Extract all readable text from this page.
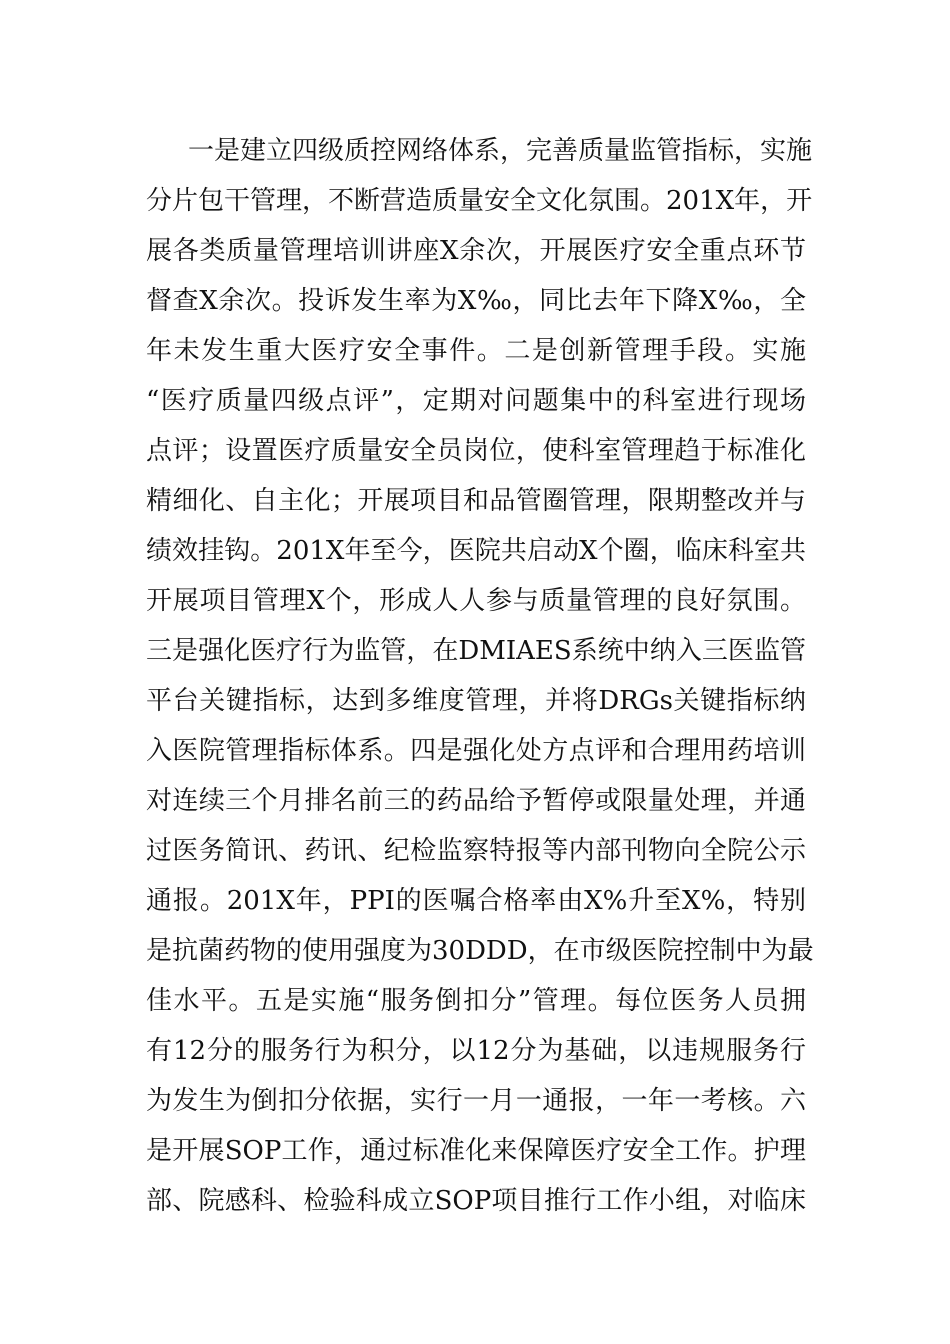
一是建立四级质控网络体系，完善质量监管指标，实施
分片包干管理，不断营造质量安全文化氛围。201X年，开
展各类质量管理培训讲座X余次，开展医疗安全重点环节
督查X余次。投诉发生率为X‰，同比去年下降X‰，全
年未发生重大医疗安全事件。二是创新管理手段。实施
“医疗质量四级点评”，定期对问题集中的科室进行现场
点评；设置医疗质量安全员岗位，使科室管理趋于标准化
精细化、自主化；开展项目和品管圈管理，限期整改并与
绩效挂钩。201X年至今，医院共启动X个圈，临床科室共
开展项目管理X个，形成人人参与质量管理的良好氛围。
三是强化医疗行为监管，在DMIAES系统中纳入三医监管
平台关键指标，达到多维度管理，并将DRGs关键指标纳
入医院管理指标体系。四是强化处方点评和合理用药培训
对连续三个月排名前三的药品给予暂停或限量处理，并通
过医务简讯、药讯、纪检监察特报等内部刊物向全院公示
通报。201X年，PPI的医嘱合格率由X%升至X%，特别
是抗菌药物的使用强度为30DDD，在市级医院控制中为最
佳水平。五是实施“服务倒扣分”管理。每位医务人员拥
有12分的服务行为积分，以12分为基础，以违规服务行
为发生为倒扣分依据，实行一月一通报，一年一考核。六
是开展SOP工作，通过标准化来保障医疗安全工作。护理
部、院感科、检验科成立SOP项目推行工作小组，对临床
